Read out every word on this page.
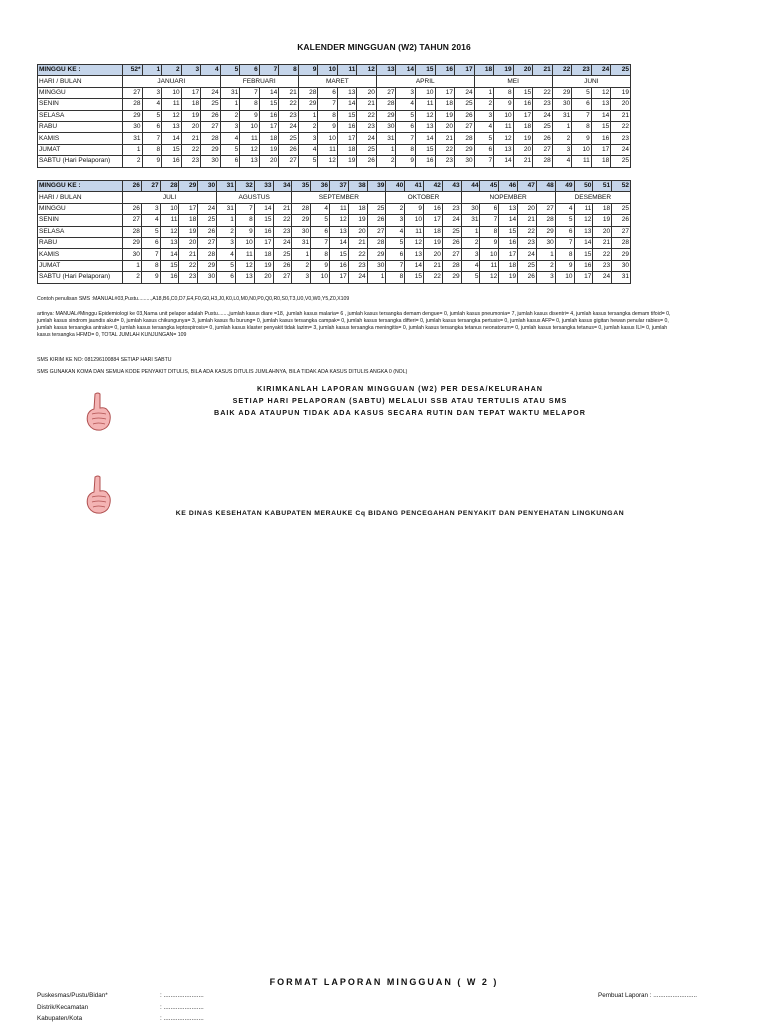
KALENDER MINGGUAN (W2) TAHUN 2016
MINGGU KE :	52*	1	2	3	4	5	6	7	8	9	10	11	12	13	14	15	16	17	18	19	20	21	22	23	24	25
HARI / BULAN	JANUARI					FEBRUARI				MARET				APRIL					MEI				JUNI			
MINGGU	27	3	10	17	24	31	7	14	21	28	6	13	20	27	3	10	17	24	1	8	15	22	29	5	12	19
SENIN	28	4	11	18	25	1	8	15	22	29	7	14	21	28	4	11	18	25	2	9	16	23	30	6	13	20
SELASA	29	5	12	19	26	2	9	16	23	1	8	15	22	29	5	12	19	26	3	10	17	24	31	7	14	21
RABU	30	6	13	20	27	3	10	17	24	2	9	16	23	30	6	13	20	27	4	11	18	25	1	8	15	22
KAMIS	31	7	14	21	28	4	11	18	25	3	10	17	24	31	7	14	21	28	5	12	19	26	2	9	16	23
JUMAT	1	8	15	22	29	5	12	19	26	4	11	18	25	1	8	15	22	29	6	13	20	27	3	10	17	24
SABTU (Hari Pelaporan)	2	9	16	23	30	6	13	20	27	5	12	19	26	2	9	16	23	30	7	14	21	28	4	11	18	25
MINGGU KE :	26	27	28	29	30	31	32	33	34	35	36	37	38	39	40	41	42	43	44	45	46	47	48	49	50	51	52
HARI / BULAN	JULI					AGUSTUS				SEPTEMBER					OKTOBER				NOPEMBER					DESEMBER			
MINGGU	26	3	10	17	24	31	7	14	21	28	4	11	18	25	2	9	16	23	30	6	13	20	27	4	11	18	25
SENIN	27	4	11	18	25	1	8	15	22	29	5	12	19	26	3	10	17	24	31	7	14	21	28	5	12	19	26
SELASA	28	5	12	19	26	2	9	16	23	30	6	13	20	27	4	11	18	25	1	8	15	22	29	6	13	20	27
RABU	29	6	13	20	27	3	10	17	24	31	7	14	21	28	5	12	19	26	2	9	16	23	30	7	14	21	28
KAMIS	30	7	14	21	28	4	11	18	25	1	8	15	22	29	6	13	20	27	3	10	17	24	1	8	15	22	29
JUMAT	1	8	15	22	29	5	12	19	26	2	9	16	23	30	7	14	21	28	4	11	18	25	2	9	16	23	30
SABTU (Hari Pelaporan)	2	9	16	23	30	6	13	20	27	3	10	17	24	1	8	15	22	29	5	12	19	26	3	10	17	24	31
Contoh penulisan SMS :MANUAL#03,Pustu.........,A18,B6,C0,D7,E4,F0,G0,H3,J0,K0,L0,M0,N0,P0,Q0,R0,S0,T3,U0,V0,W0,Y5,Z0,X109
artinya: MANUAL#Minggu Epidemiologi ke 03,Nama unit pelapor adalah Pustu.......,jumlah kasus diare =18, ,jumlah kasus malaria= 6 , jumlah kasus tersangka demam dengue= 0, jumlah kasus pneumonia= 7, jumlah kasus disentri= 4, jumlah kasus tersangka demam tifoid= 0, jumlah kasus sindrom jaundis akut= 0, jumlah kasus chikungunya= 3, jumlah kasus flu burung= 0, jumlah kasus tersangka campak= 0, jumlah kasus tersangka difteri= 0, jumlah kasus tersangka pertusis= 0, jumlah kasus AFP= 0, jumlah kasus gigitan hewan penular rabies= 0, jumlah kasus tersangka antraks= 0, jumlah kasus tersangka leptospirosis= 0, jumlah kasus klaster penyakit tidak lazim= 3, jumlah kasus tersangka meningitis= 0, jumlah kasus tersangka tetanus neonatorum= 0, jumlah kasus tersangka tetanus= 0, jumlah kasus ILI= 0, jumlah kasus tersangka HFMD= 0, TOTAL JUMLAH KUNJUNGAN= 109
SMS KIRIM KE NO: 081296100884 SETIAP HARI SABTU
SMS GUNAKAN KOMA DAN SEMUA KODE PENYAKIT DITULIS, BILA ADA KASUS DITULIS JUMLAHNYA, BILA TIDAK ADA KASUS DITULIS ANGKA 0 (NOL)
KIRIMKANLAH LAPORAN MINGGUAN (W2) PER DESA/KELURAHAN
SETIAP HARI PELAPORAN (SABTU) MELALUI SSB ATAU TERTULIS ATAU SMS
BAIK ADA ATAUPUN TIDAK ADA KASUS SECARA RUTIN DAN TEPAT WAKTU MELAPOR
KE DINAS KESEHATAN KABUPATEN MERAUKE Cq BIDANG PENCEGAHAN PENYAKIT DAN PENYEHATAN LINGKUNGAN
FORMAT LAPORAN MINGGUAN ( W 2 )
Puskesmas/Pustu/Bidan*	: .......................	Pembuat Laporan : .........................
Distrik/Kecamatan	: .......................
Kabupaten/Kota	: .......................
